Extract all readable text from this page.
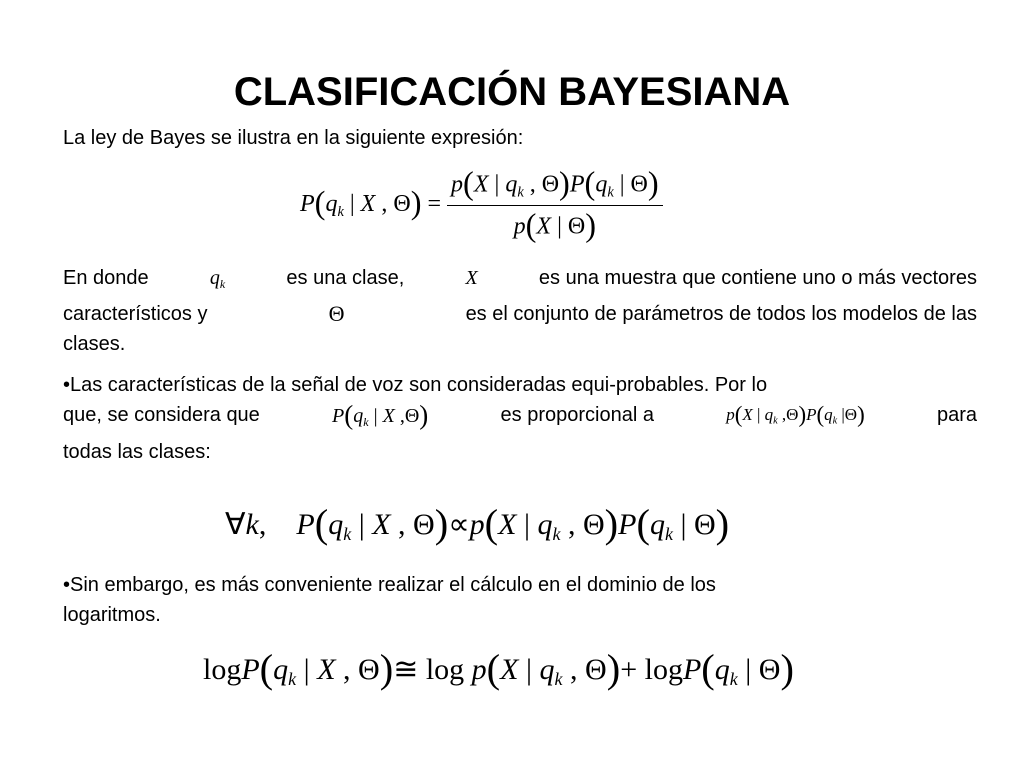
CLASIFICACIÓN BAYESIANA
La ley de Bayes se ilustra en la siguiente expresión:
$P(q_k$ | X , $\Theta) = \frac{p(X | q_k , \Theta)P(q_k | \Theta)}{p(X | \Theta)}$
En donde	$q_k$	es una clase,	X	es una muestra que contiene uno o más vectores
característicos y	Θ	es el conjunto de parámetros de todos los modelos de las
clases.
•Las características de la señal de voz son consideradas equi-probables. Por lo
que, se considera que	$P(q_k$ | X ,Θ)	es proporcional a	p(X | $q_k$ $,\Theta)P(q_k$ |Θ)	para
todas las clases:
∀k,    $P(q_k$ | X , Θ)∝p(X | $q_k$ , $\Theta)P(q_k$ | Θ)
•Sin embargo, es más conveniente realizar el cálculo en el dominio de los
logaritmos.
$\log P(q_k$ | X , Θ)≅ log p(X | $q_k$ , $\Theta)+ \log P(q_k$ | Θ)
